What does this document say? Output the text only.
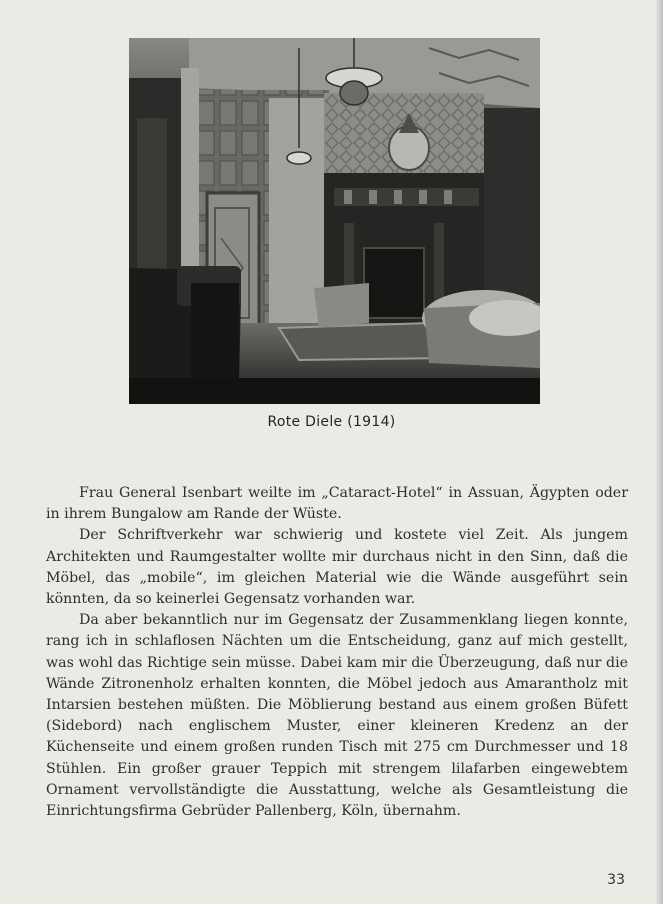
Rote Diele (1914)

Frau General Isenbart weilte im „Cataract-Hotel“ in Assuan, Ägypten oder in ihrem Bungalow am Rande der Wüste.

Der Schriftverkehr war schwierig und kostete viel Zeit. Als jungem Architekten und Raumgestalter wollte mir durchaus nicht in den Sinn, daß die Möbel, das „mobile“, im gleichen Material wie die Wände ausgeführt sein könnten, da so keinerlei Gegensatz vorhanden war.

Da aber bekanntlich nur im Gegensatz der Zusammenklang liegen konnte, rang ich in schlaflosen Nächten um die Entscheidung, ganz auf mich gestellt, was wohl das Richtige sein müsse. Dabei kam mir die Überzeugung, daß nur die Wände Zitronenholz erhalten konnten, die Möbel jedoch aus Amarantholz mit Intarsien bestehen müßten. Die Möblierung bestand aus einem großen Büfett (Sidebord) nach englischem Muster, einer kleineren Kredenz an der Küchenseite und einem großen runden Tisch mit 275 cm Durchmesser und 18 Stühlen. Ein großer grauer Teppich mit strengem lilafarben eingewebtem Ornament vervollständigte die Ausstattung, welche als Gesamtleistung die Einrichtungsfirma Gebrüder Pallenberg, Köln, übernahm.

33
